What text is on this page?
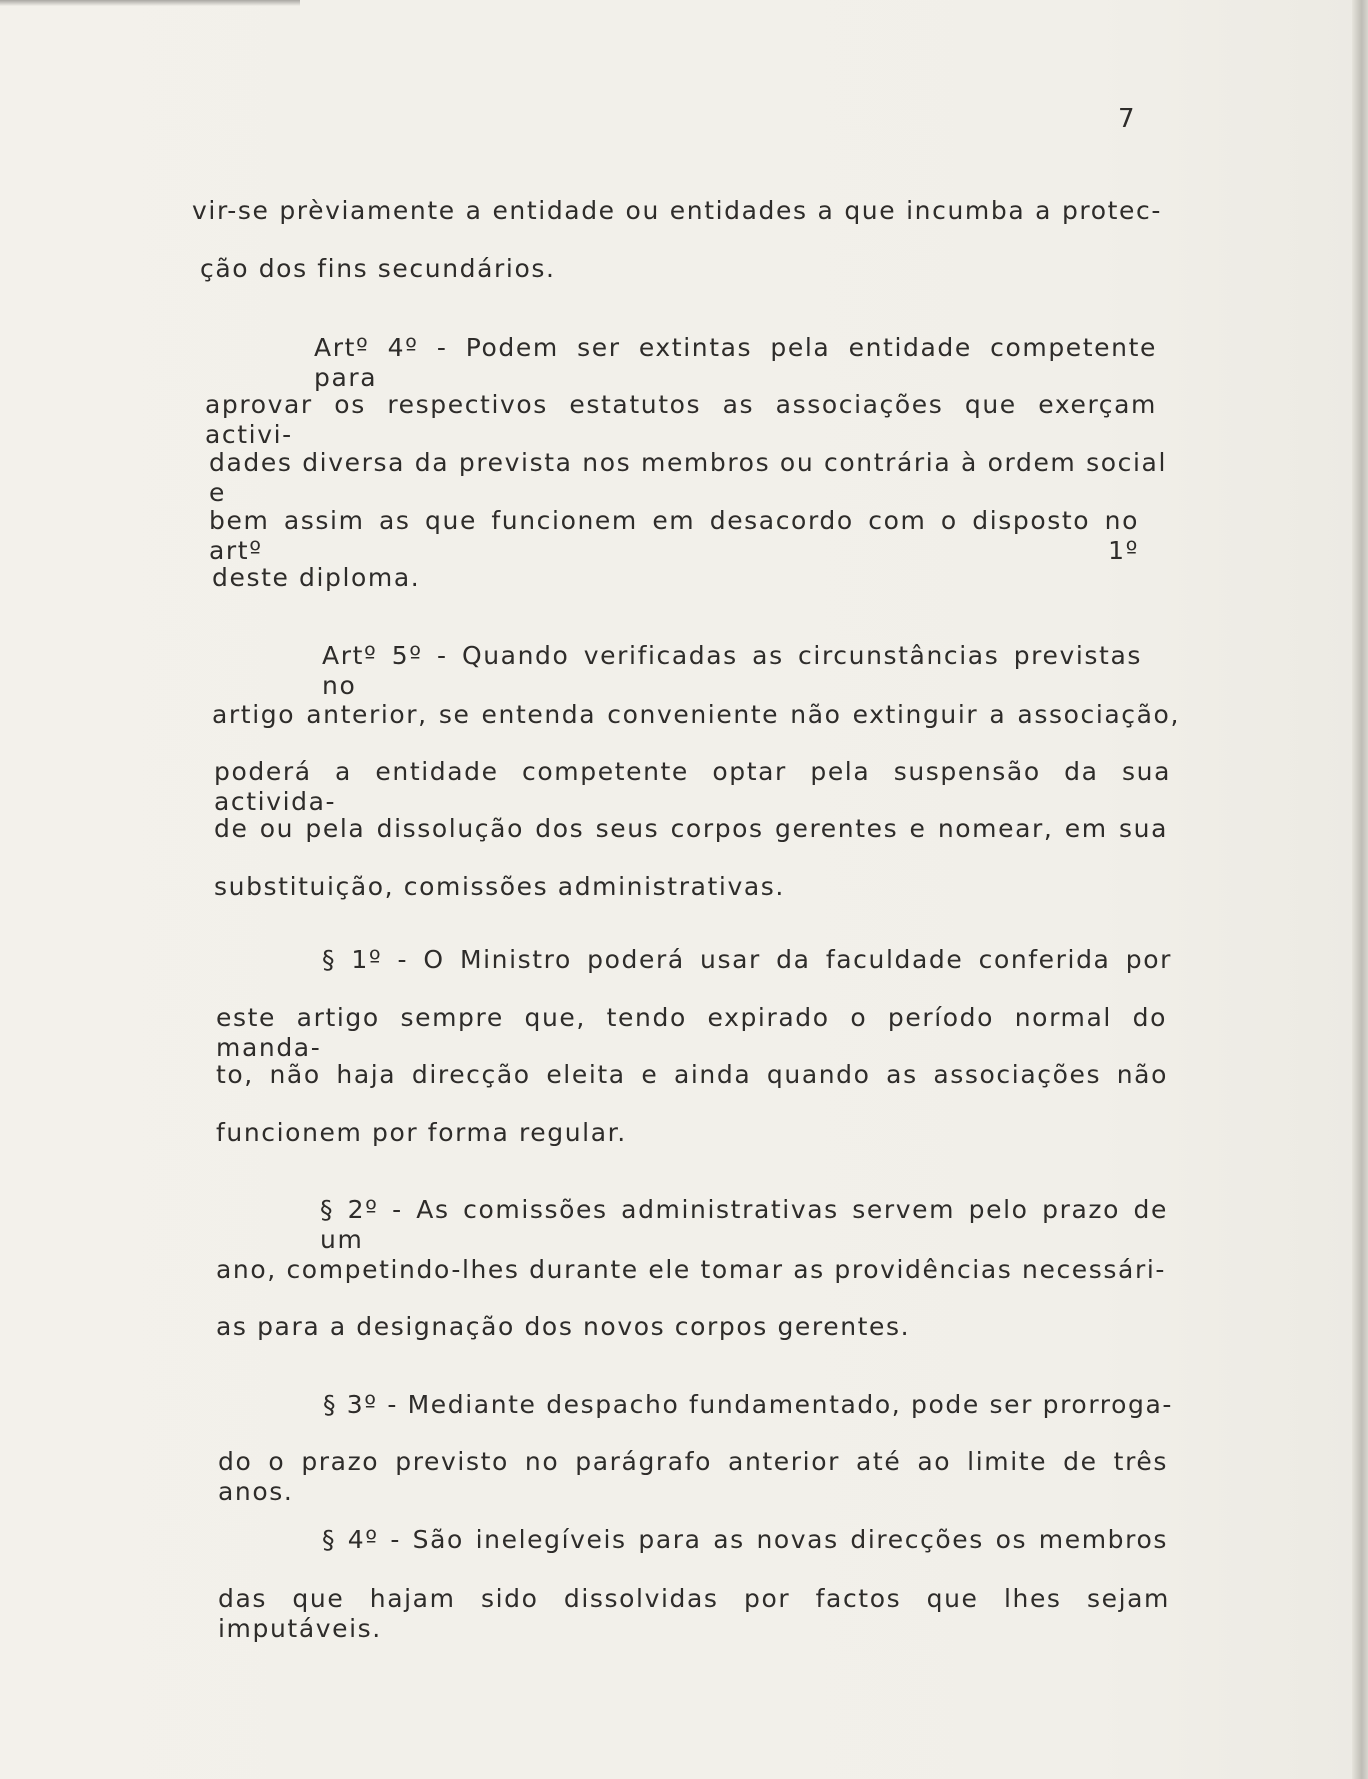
7
vir-se prèviamente a entidade ou entidades a que incumba a protec-
ção dos fins secundários.
Artº 4º - Podem ser extintas pela entidade competente para
aprovar os respectivos estatutos as associações que exerçam activi-
dades diversa da prevista nos membros ou contrária à ordem social e
bem assim as que funcionem em desacordo com o disposto no artº 1º
deste diploma.
Artº 5º - Quando verificadas as circunstâncias previstas no
artigo anterior, se entenda conveniente não extinguir a associação,
poderá a entidade competente optar pela suspensão da sua activida-
de ou pela dissolução dos seus corpos gerentes e nomear, em sua
substituição, comissões administrativas.
§ 1º - O Ministro poderá usar da faculdade conferida por
este artigo sempre que, tendo expirado o período normal do manda-
to, não haja direcção eleita e ainda quando as associações não
funcionem por forma regular.
§ 2º - As comissões administrativas servem pelo prazo de um
ano, competindo-lhes durante ele tomar as providências necessári-
as para a designação dos novos corpos gerentes.
§ 3º - Mediante despacho fundamentado, pode ser prorroga-
do o prazo previsto no parágrafo anterior até ao limite de três anos.
§ 4º - São inelegíveis para as novas direcções os membros
das que hajam sido dissolvidas por factos que lhes sejam imputáveis.
